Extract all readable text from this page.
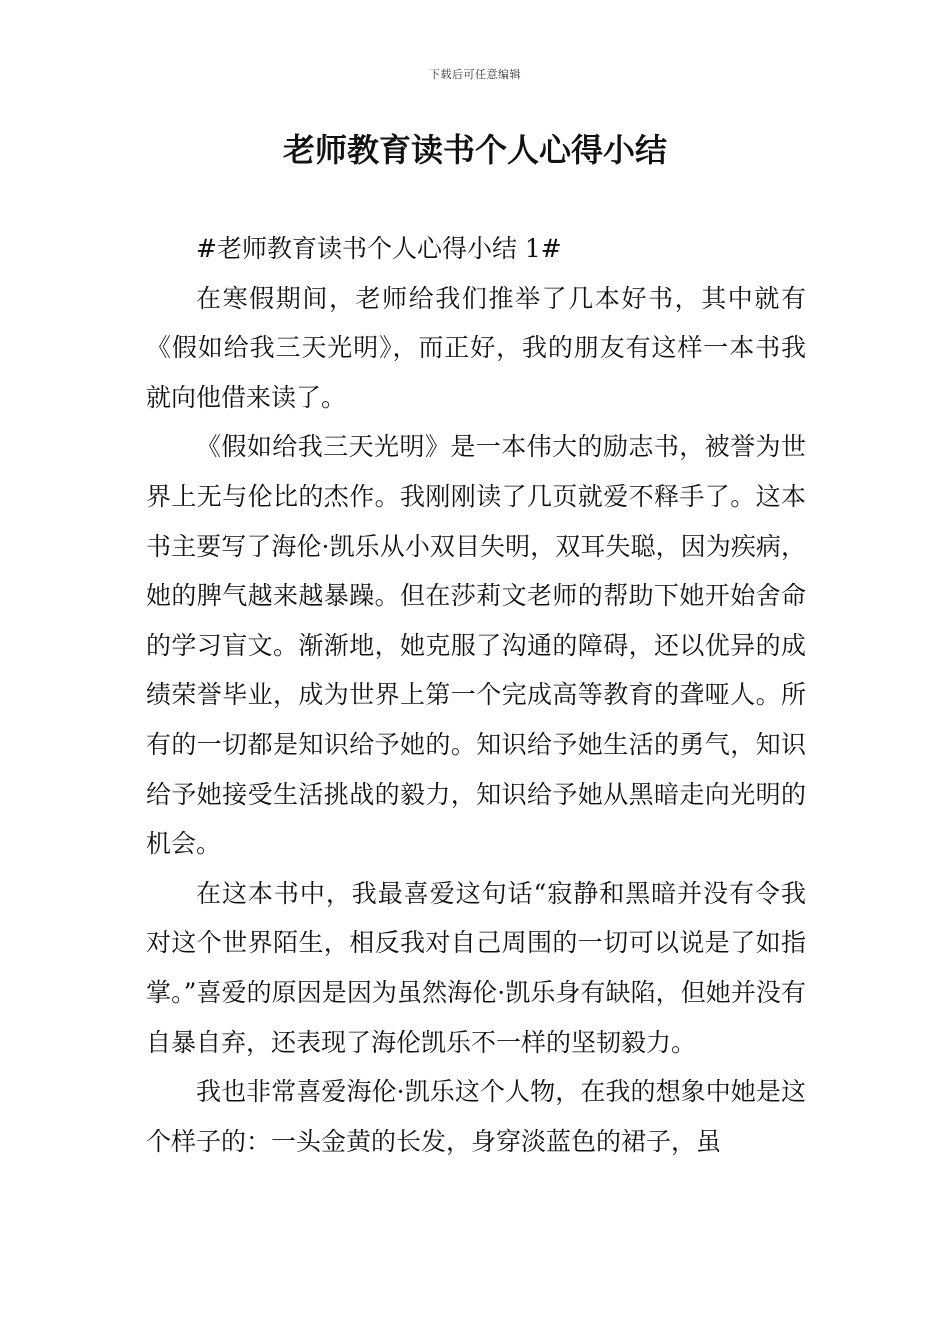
下载后可任意编辑
老师教育读书个人心得小结

#老师教育读书个人心得小结 1#

在寒假期间，老师给我们推举了几本好书，其中就有《假如给我三天光明》，而正好，我的朋友有这样一本书我就向他借来读了。

《假如给我三天光明》是一本伟大的励志书，被誉为世界上无与伦比的杰作。我刚刚读了几页就爱不释手了。这本书主要写了海伦·凯乐从小双目失明，双耳失聪，因为疾病，她的脾气越来越暴躁。但在莎莉文老师的帮助下她开始舍命的学习盲文。渐渐地，她克服了沟通的障碍，还以优异的成绩荣誉毕业，成为世界上第一个完成高等教育的聋哑人。所有的一切都是知识给予她的。知识给予她生活的勇气，知识给予她接受生活挑战的毅力，知识给予她从黑暗走向光明的机会。

在这本书中，我最喜爱这句话“寂静和黑暗并没有令我对这个世界陌生，相反我对自己周围的一切可以说是了如指掌。”喜爱的原因是因为虽然海伦·凯乐身有缺陷，但她并没有自暴自弃，还表现了海伦凯乐不一样的坚韧毅力。

我也非常喜爱海伦·凯乐这个人物，在我的想象中她是这个样子的：一头金黄的长发，身穿淡蓝色的裙子，虽
